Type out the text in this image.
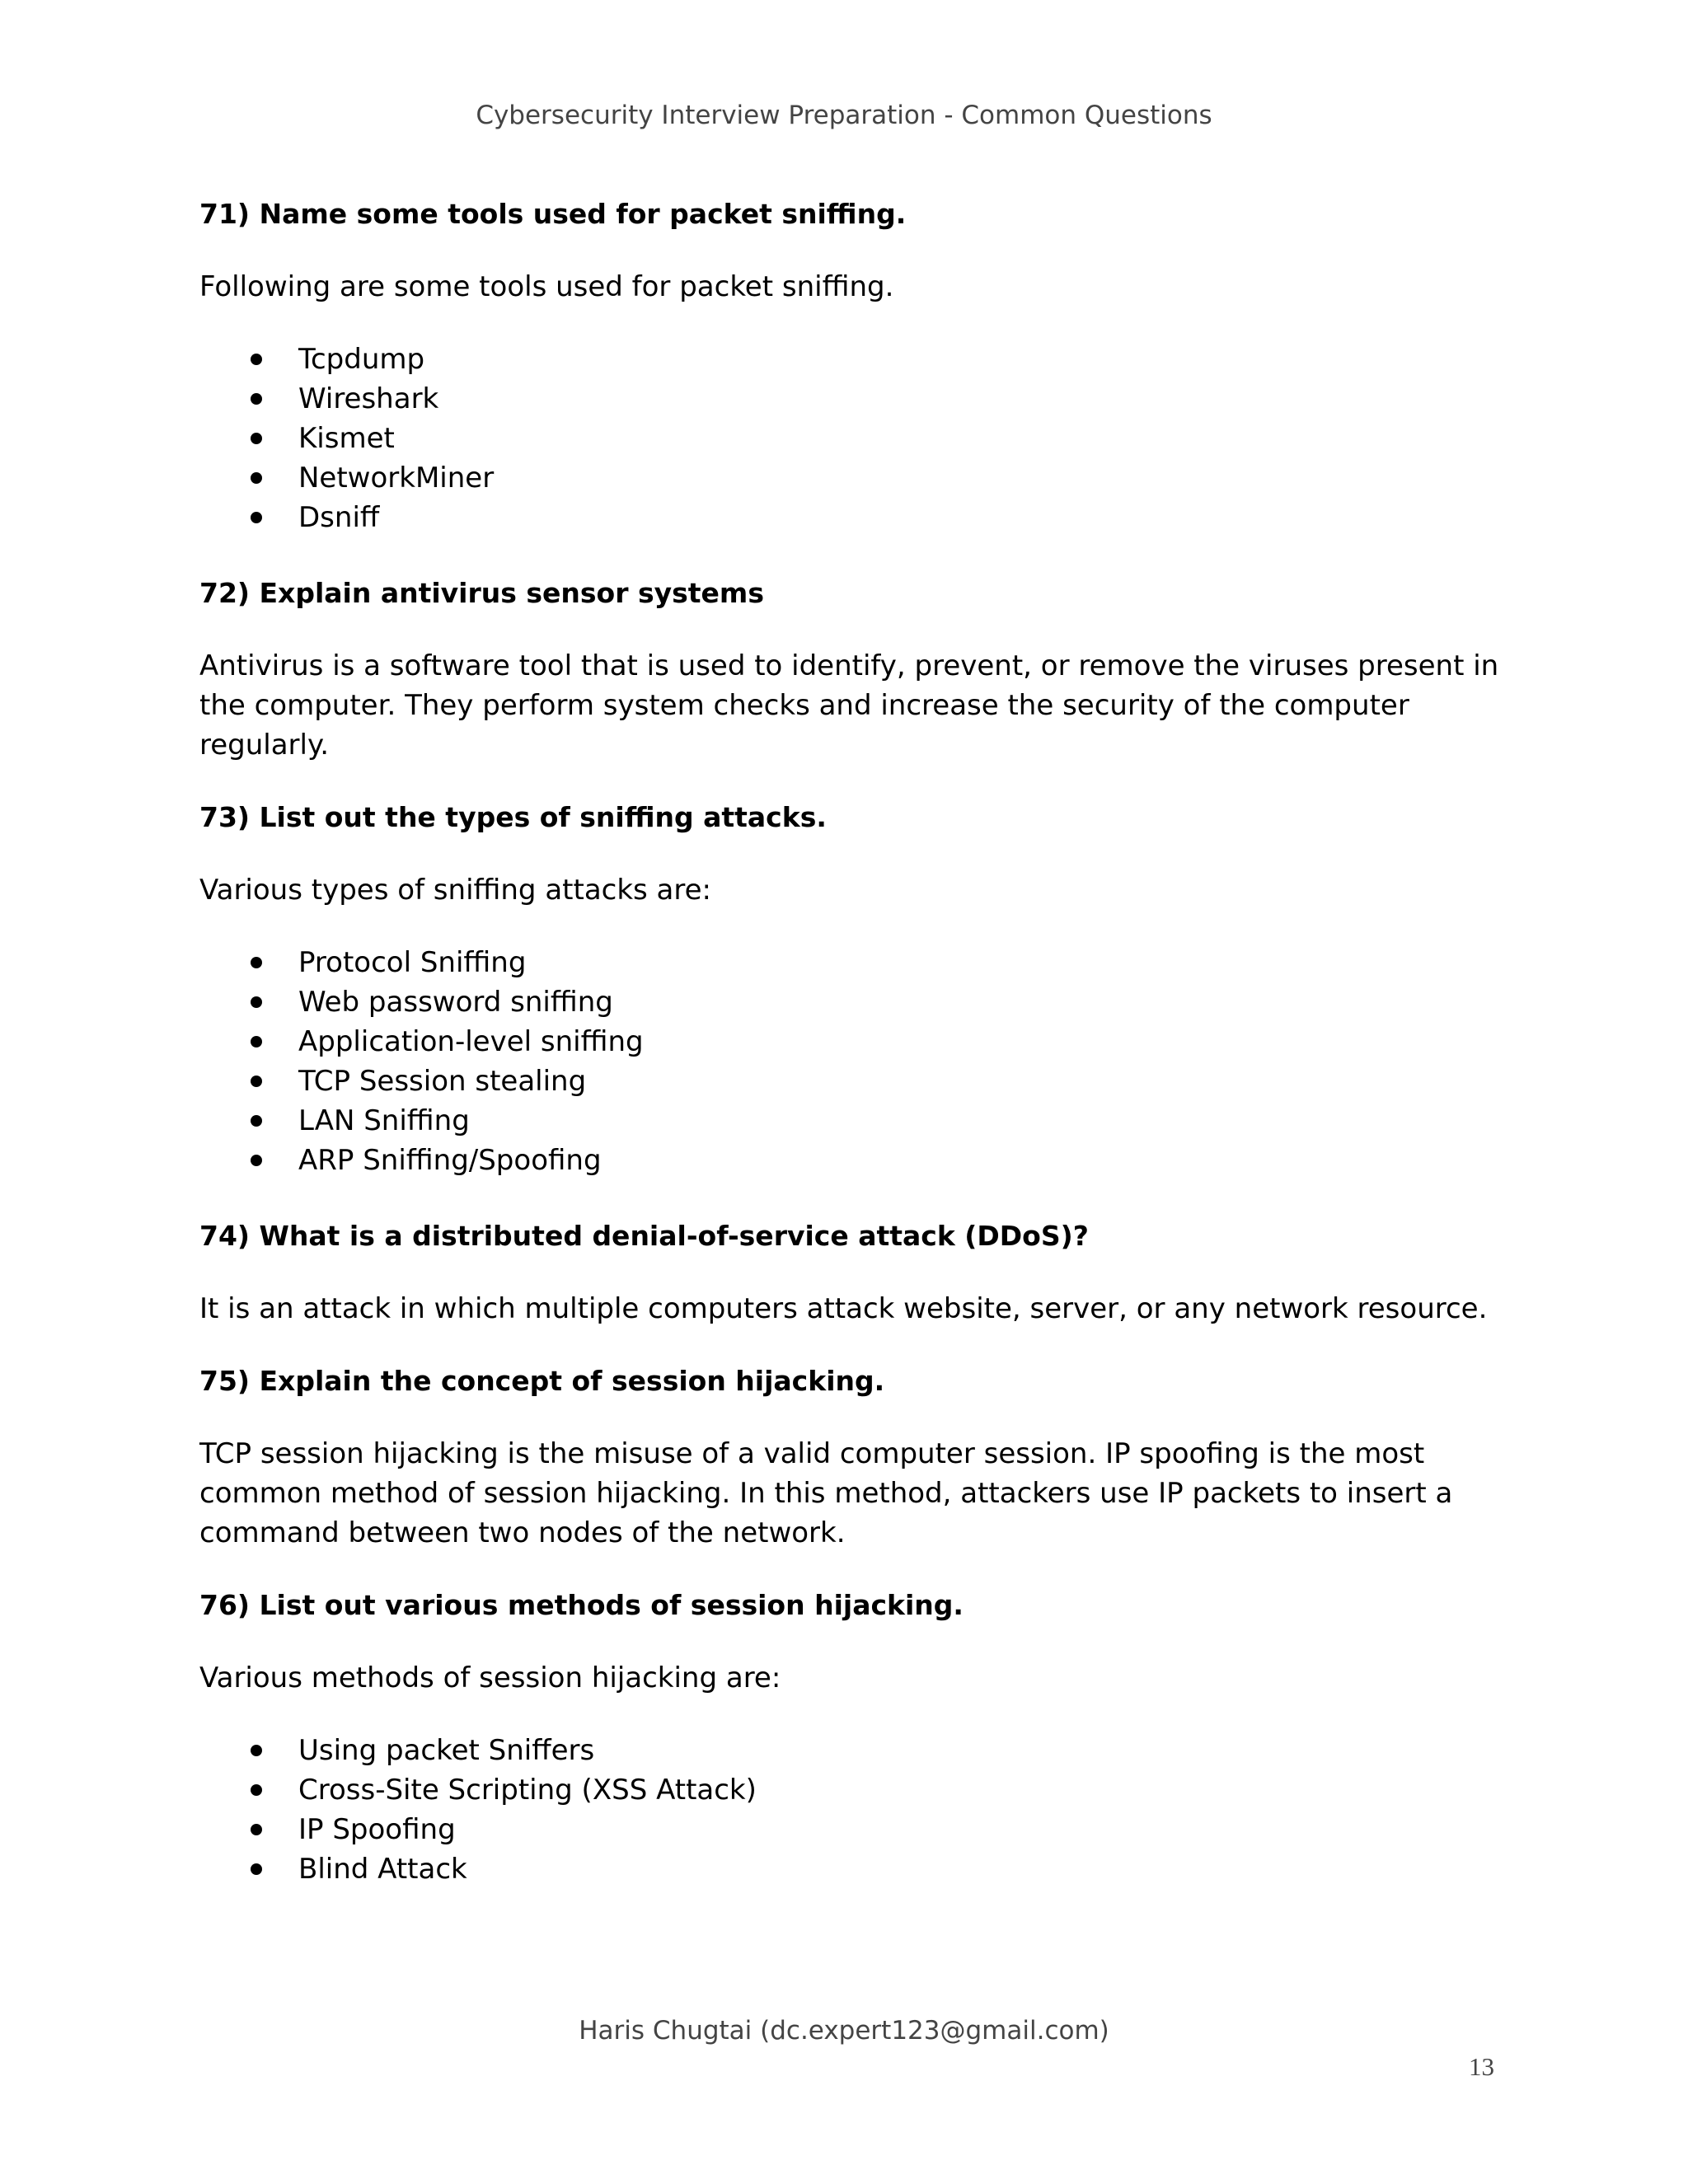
Cybersecurity Interview Preparation - Common Questions
71) Name some tools used for packet sniffing.
Following are some tools used for packet sniffing.
Tcpdump
Wireshark
Kismet
NetworkMiner
Dsniff
72) Explain antivirus sensor systems
Antivirus is a software tool that is used to identify, prevent, or remove the viruses present in the computer. They perform system checks and increase the security of the computer regularly.
73) List out the types of sniffing attacks.
Various types of sniffing attacks are:
Protocol Sniffing
Web password sniffing
Application-level sniffing
TCP Session stealing
LAN Sniffing
ARP Sniffing/Spoofing
74) What is a distributed denial-of-service attack (DDoS)?
It is an attack in which multiple computers attack website, server, or any network resource.
75) Explain the concept of session hijacking.
TCP session hijacking is the misuse of a valid computer session. IP spoofing is the most common method of session hijacking. In this method, attackers use IP packets to insert a command between two nodes of the network.
76) List out various methods of session hijacking.
Various methods of session hijacking are:
Using packet Sniffers
Cross-Site Scripting (XSS Attack)
IP Spoofing
Blind Attack
Haris Chugtai (dc.expert123@gmail.com)
13
